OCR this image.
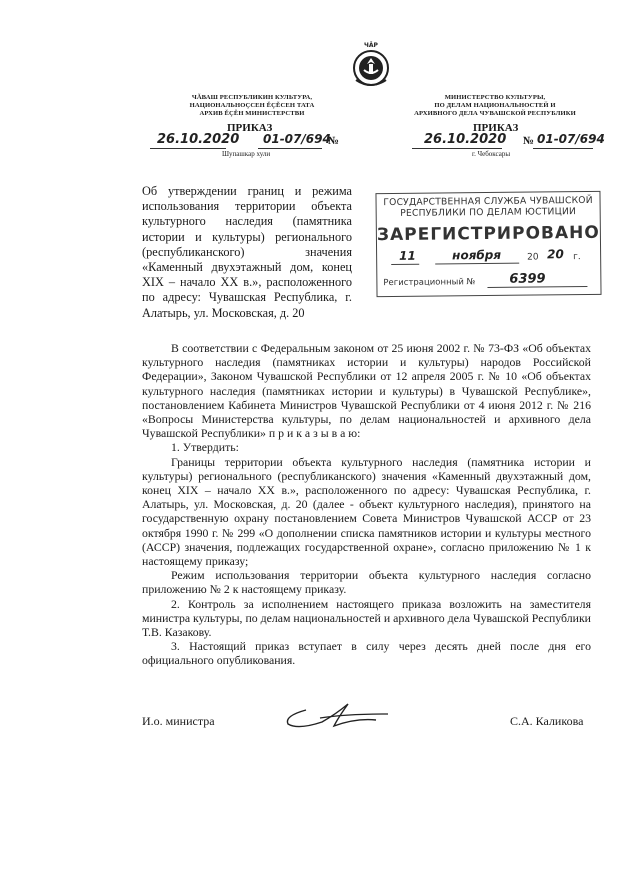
ЧӐР
ЧĂВАШ РЕСПУБЛИКИН КУЛЬТУРА,
НАЦИОНАЛЬНОÇСЕН ĔÇĔСЕН ТАТА
АРХИВ ĔÇĔН МИНИСТЕРСТВИ
МИНИСТЕРСТВО КУЛЬТУРЫ,
ПО ДЕЛАМ НАЦИОНАЛЬНОСТЕЙ И
АРХИВНОГО ДЕЛА ЧУВАШСКОЙ РЕСПУБЛИКИ
ПРИКАЗ
26.10.2020 01-07/694
№
Шупашкар хули
ПРИКАЗ
26.10.2020 № 01-07/694
г. Чебоксары
Об утверждении границ и режима использования территории объекта культурного наследия (памятника истории и культуры) регионального (республиканского) значения «Каменный двухэтажный дом, конец XIX – начало XX в.», расположенного по адресу: Чувашская Республика, г. Алатырь, ул. Московская, д. 20
ГОСУДАРСТВЕННАЯ СЛУЖБА ЧУВАШСКОЙ
РЕСПУБЛИКИ ПО ДЕЛАМ ЮСТИЦИИ
ЗАРЕГИСТРИРОВАНО
11	ноября	20 20 г.
Регистрационный №	6399

В соответствии с Федеральным законом от 25 июня 2002 г. № 73-ФЗ «Об объектах культурного наследия (памятниках истории и культуры) народов Российской Федерации», Законом Чувашской Республики от 12 апреля 2005 г. № 10 «Об объектах культурного наследия (памятниках истории и культуры) в Чувашской Республике», постановлением Кабинета Министров Чувашской Республики от 4 июня 2012 г. № 216 «Вопросы Министерства культуры, по делам национальностей и архивного дела Чувашской Республики» п р и к а з ы в а ю:

1. Утвердить:

Границы территории объекта культурного наследия (памятника истории и культуры) регионального (республиканского) значения «Каменный двухэтажный дом, конец XIX – начало XX в.», расположенного по адресу: Чувашская Республика, г. Алатырь, ул. Московская, д. 20 (далее - объект культурного наследия), принятого на государственную охрану постановлением Совета Министров Чувашской АССР от 23 октября 1990 г. № 299 «О дополнении списка памятников истории и культуры местного (АССР) значения, подлежащих государственной охране», согласно приложению № 1 к настоящему приказу;

Режим использования территории объекта культурного наследия согласно приложению № 2 к настоящему приказу.

2. Контроль за исполнением настоящего приказа возложить на заместителя министра культуры, по делам национальностей и архивного дела Чувашской Республики Т.В. Казакову.

3. Настоящий приказ вступает в силу через десять дней после дня его официального опубликования.

И.о. министра	С.А. Каликова
